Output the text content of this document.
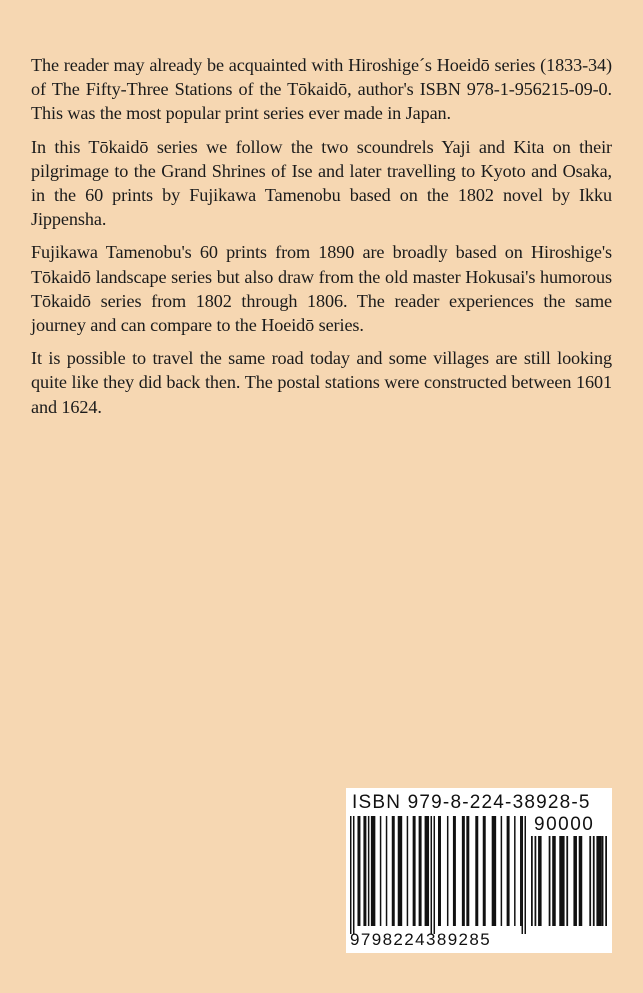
The reader may already be acquainted with Hiroshige´s Hoeidō series (1833-34) of The Fifty-Three Stations of the Tōkaidō, author's ISBN 978-1-956215-09-0. This was the most popular print series ever made in Japan.

In this Tōkaidō series we follow the two scoundrels Yaji and Kita on their pilgrimage to the Grand Shrines of Ise and later travelling to Kyoto and Osaka, in the 60 prints by Fujikawa Tamenobu based on the 1802 novel by Ikku Jippensha.

Fujikawa Tamenobu's 60 prints from 1890 are broadly based on Hiroshige's Tōkaidō landscape series but also draw from the old master Hokusai's humorous Tōkaidō series from 1802 through 1806. The reader experiences the same journey and can compare to the Hoeidō series.

It is possible to travel the same road today and some villages are still looking quite like they did back then. The postal stations were constructed between 1601 and 1624.

ISBN 979-8-224-38928-5
90000
9798224389285
